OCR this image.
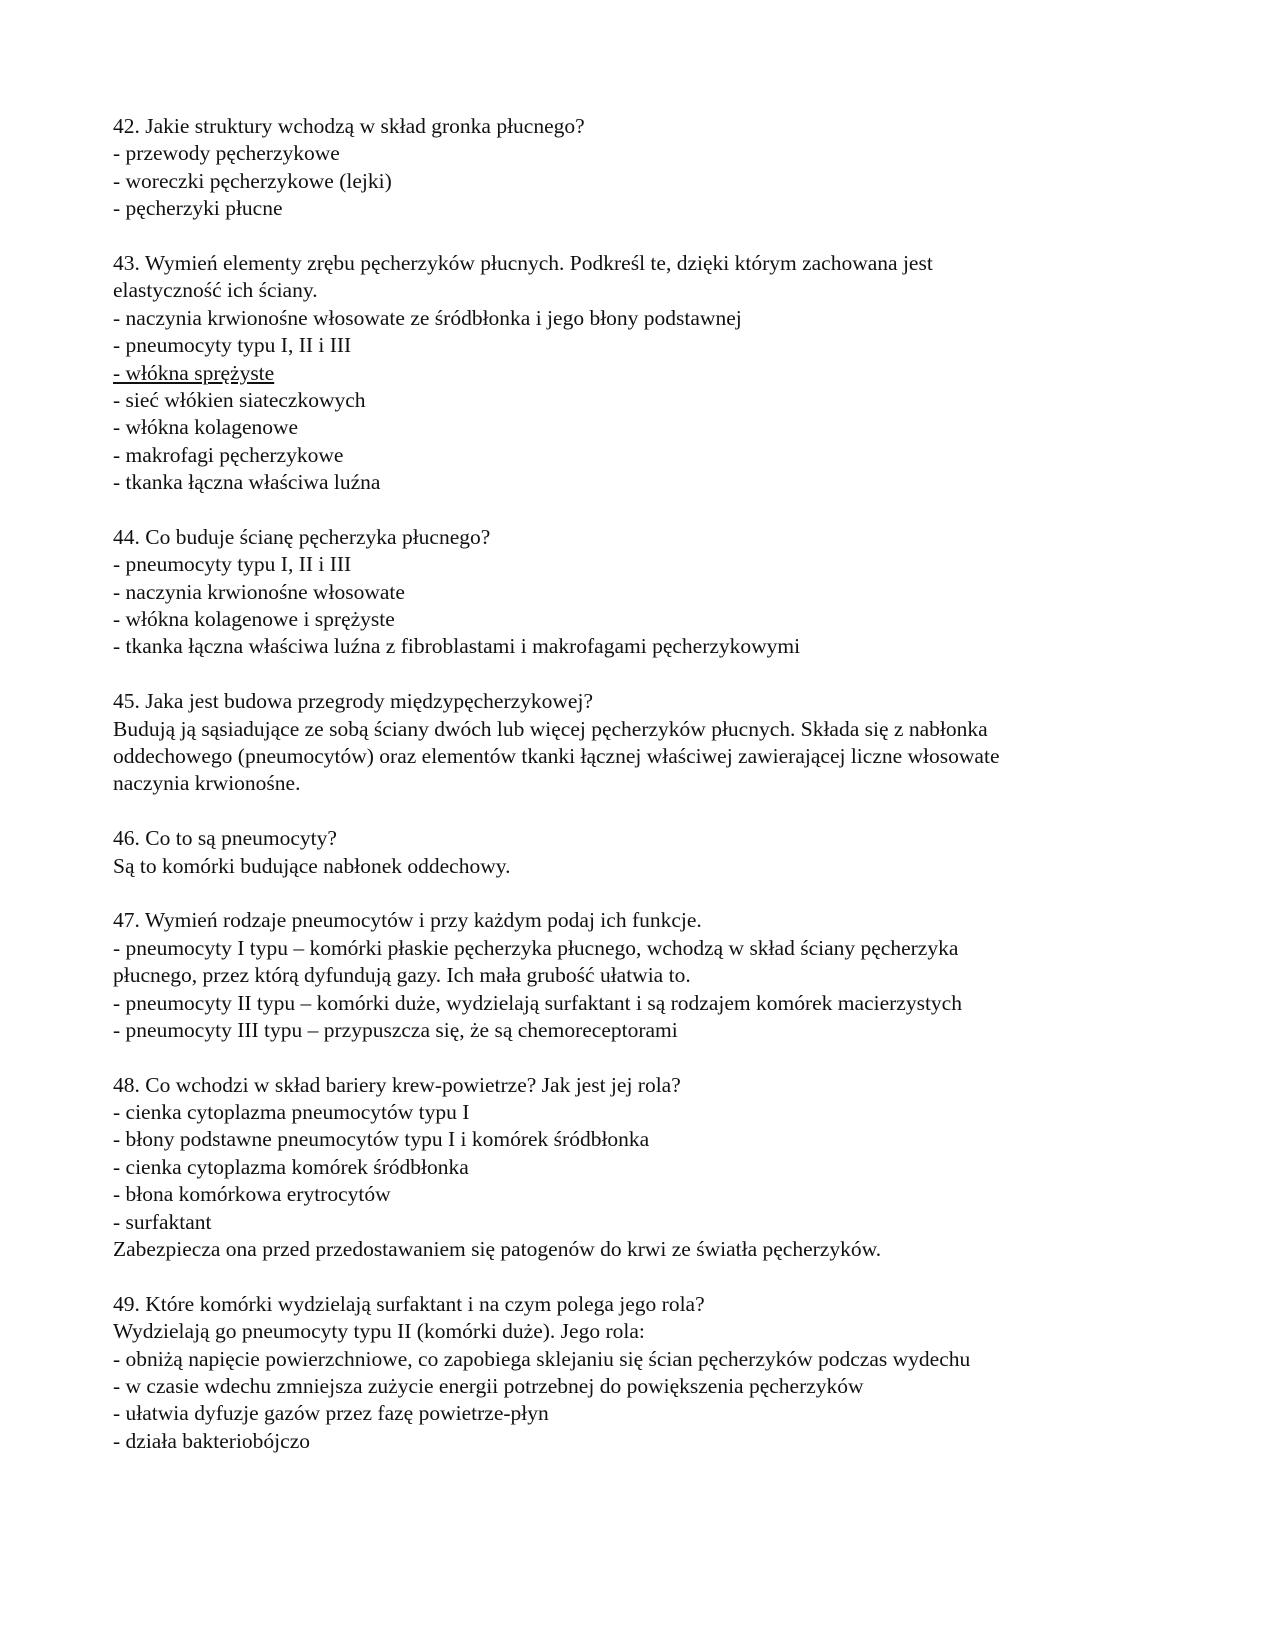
42. Jakie struktury wchodzą w skład gronka płucnego?
- przewody pęcherzykowe
- woreczki pęcherzykowe (lejki)
- pęcherzyki płucne
43. Wymień elementy zrębu pęcherzyków płucnych. Podkreśl te, dzięki którym zachowana jest
elastyczność ich ściany.
- naczynia krwionośne włosowate ze śródbłonka i jego błony podstawnej
- pneumocyty typu I, II i III
- włókna sprężyste
- sieć włókien siateczkowych
- włókna kolagenowe
- makrofagi pęcherzykowe
- tkanka łączna właściwa luźna
44. Co buduje ścianę pęcherzyka płucnego?
- pneumocyty typu I, II i III
- naczynia krwionośne włosowate
- włókna kolagenowe i sprężyste
- tkanka łączna właściwa luźna z fibroblastami i makrofagami pęcherzykowymi
45. Jaka jest budowa przegrody międzypęcherzykowej?
Budują ją sąsiadujące ze sobą ściany dwóch lub więcej pęcherzyków płucnych. Składa się z nabłonka
oddechowego (pneumocytów) oraz elementów tkanki łącznej właściwej zawierającej liczne włosowate
naczynia krwionośne.
46. Co to są pneumocyty?
Są to komórki budujące nabłonek oddechowy.
47. Wymień rodzaje pneumocytów i przy każdym podaj ich funkcje.
- pneumocyty I typu – komórki płaskie pęcherzyka płucnego, wchodzą w skład ściany pęcherzyka
płucnego, przez którą dyfundują gazy. Ich mała grubość ułatwia to.
- pneumocyty II typu – komórki duże, wydzielają surfaktant i są rodzajem komórek macierzystych
- pneumocyty III typu – przypuszcza się, że są chemoreceptorami
48. Co wchodzi w skład bariery krew-powietrze? Jak jest jej rola?
- cienka cytoplazma pneumocytów typu I
- błony podstawne pneumocytów typu I i komórek śródbłonka
- cienka cytoplazma komórek śródbłonka
- błona komórkowa erytrocytów
- surfaktant
Zabezpiecza ona przed przedostawaniem się patogenów do krwi ze światła pęcherzyków.
49. Które komórki wydzielają surfaktant i na czym polega jego rola?
Wydzielają go pneumocyty typu II (komórki duże). Jego rola:
- obniżą napięcie powierzchniowe, co zapobiega sklejaniu się ścian pęcherzyków podczas wydechu
- w czasie wdechu zmniejsza zużycie energii potrzebnej do powiększenia pęcherzyków
- ułatwia dyfuzje gazów przez fazę powietrze-płyn
- działa bakteriobójczo
